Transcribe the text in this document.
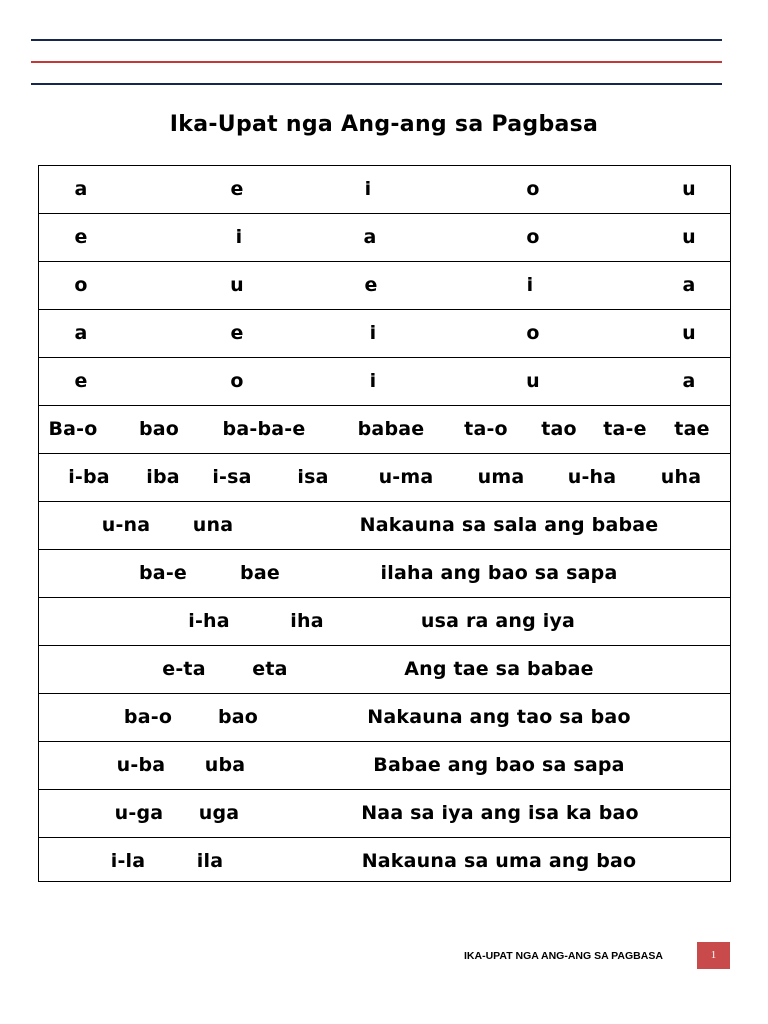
Ika-Upat nga Ang-ang sa Pagbasa
a	e	i	o	u
e	i	a	o	u
o	u	e	i	a
a	e	i	o	u
e	o	i	u	a
Ba-o bao ba-ba-e	babae ta-o tao ta-e tae
i-ba iba i-sa isa	u-ma uma u-ha uha
u-na una	Nakauna sa sala ang babae
ba-e	bae	ilaha ang bao sa sapa
i-ha	iha	usa ra ang iya
e-ta eta	Ang tae sa babae
ba-o bao	Nakauna ang tao sa bao
u-ba uba	Babae ang bao sa sapa
u-ga uga	Naa sa iya ang isa ka bao
i-la	ila	Nakauna sa uma ang bao
IKA-UPAT NGA ANG-ANG SA PAGBASA	1
